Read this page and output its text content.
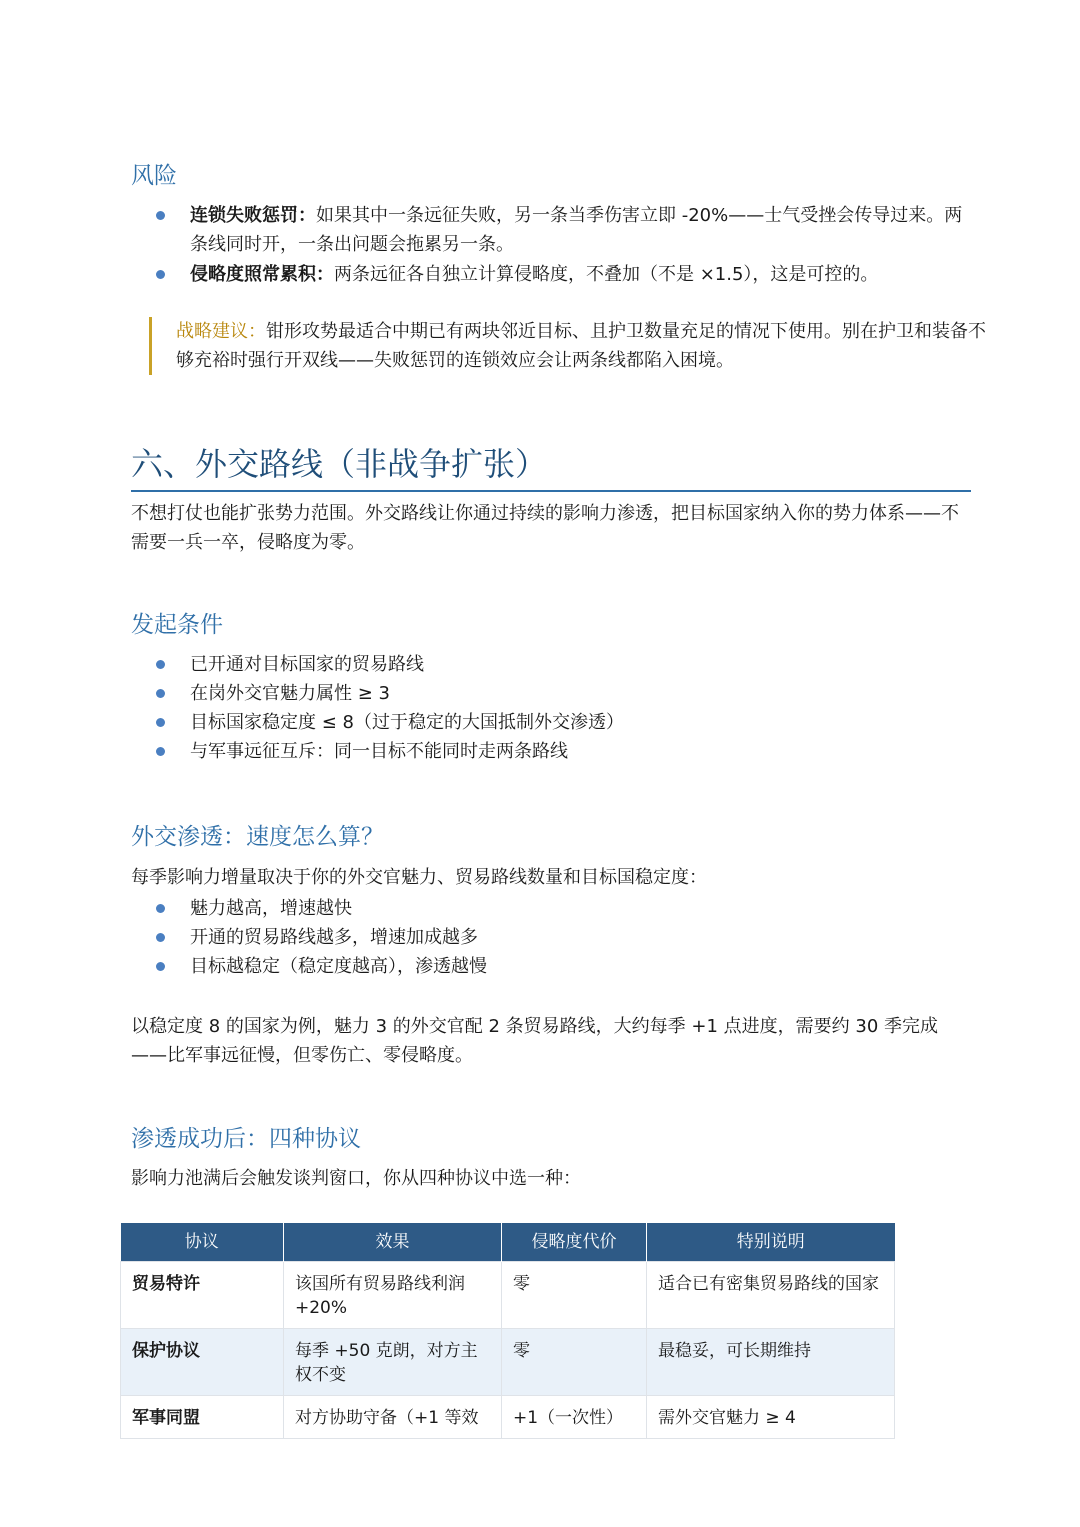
风险
连锁失败惩罚：如果其中一条远征失败，另一条当季伤害立即 -20%——士气受挫会传导过来。两条线同时开，一条出问题会拖累另一条。
侵略度照常累积：两条远征各自独立计算侵略度，不叠加（不是 ×1.5），这是可控的。
战略建议：钳形攻势最适合中期已有两块邻近目标、且护卫数量充足的情况下使用。别在护卫和装备不够充裕时强行开双线——失败惩罚的连锁效应会让两条线都陷入困境。
六、外交路线（非战争扩张）
不想打仗也能扩张势力范围。外交路线让你通过持续的影响力渗透，把目标国家纳入你的势力体系——不需要一兵一卒，侵略度为零。
发起条件
已开通对目标国家的贸易路线
在岗外交官魅力属性 ≥ 3
目标国家稳定度 ≤ 8（过于稳定的大国抵制外交渗透）
与军事远征互斥：同一目标不能同时走两条路线
外交渗透：速度怎么算？
每季影响力增量取决于你的外交官魅力、贸易路线数量和目标国稳定度：
魅力越高，增速越快
开通的贸易路线越多，增速加成越多
目标越稳定（稳定度越高），渗透越慢
以稳定度 8 的国家为例，魅力 3 的外交官配 2 条贸易路线，大约每季 +1 点进度，需要约 30 季完成——比军事远征慢，但零伤亡、零侵略度。
渗透成功后：四种协议
影响力池满后会触发谈判窗口，你从四种协议中选一种：
协议	效果	侵略度代价	特别说明
贸易特许	该国所有贸易路线利润 +20%	零	适合已有密集贸易路线的国家
保护协议	每季 +50 克朗，对方主权不变	零	最稳妥，可长期维持
军事同盟	对方协助守备（+1 等效	+1（一次性）	需外交官魅力 ≥ 4
